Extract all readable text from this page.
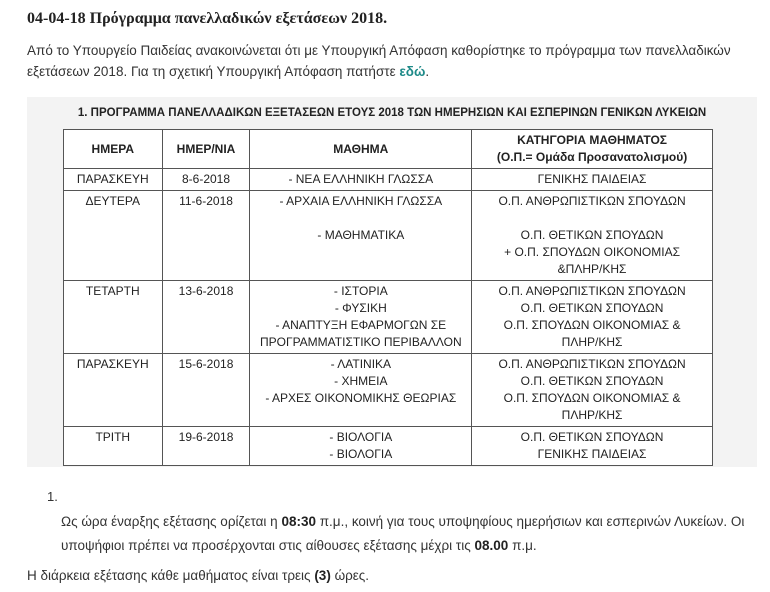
04-04-18 Πρόγραμμα πανελλαδικών εξετάσεων 2018.
Από το Υπουργείο Παιδείας ανακοινώνεται ότι με Υπουργική Απόφαση καθορίστηκε το πρόγραμμα των πανελλαδικών εξετάσεων 2018. Για τη σχετική Υπουργική Απόφαση πατήστε εδώ.
1. ΠΡΟΓΡΑΜΜΑ ΠΑΝΕΛΛΑΔΙΚΩΝ ΕΞΕΤΑΣΕΩΝ ΕΤΟΥΣ 2018 ΤΩΝ ΗΜΕΡΗΣΙΩΝ ΚΑΙ ΕΣΠΕΡΙΝΩΝ ΓΕΝΙΚΩΝ ΛΥΚΕΙΩΝ
ΗΜΕΡΑ	ΗΜΕΡ/ΝΙΑ	ΜΑΘΗΜΑ	ΚΑΤΗΓΟΡΙΑ ΜΑΘΗΜΑΤΟΣ
(Ο.Π.= Ομάδα Προσανατολισμού)

ΠΑΡΑΣΚΕΥΗ	8-6-2018	- ΝΕΑ ΕΛΛΗΝΙΚΗ ΓΛΩΣΣΑ	ΓΕΝΙΚΗΣ ΠΑΙΔΕΙΑΣ

ΔΕΥΤΕΡΑ	11-6-2018	- ΑΡΧΑΙΑ ΕΛΛΗΝΙΚΗ ΓΛΩΣΣΑ
- ΜΑΘΗΜΑΤΙΚΑ	Ο.Π. ΑΝΘΡΩΠΙΣΤΙΚΩΝ ΣΠΟΥΔΩΝ
Ο.Π. ΘΕΤΙΚΩΝ ΣΠΟΥΔΩΝ
+ Ο.Π. ΣΠΟΥΔΩΝ ΟΙΚΟΝΟΜΙΑΣ
&ΠΛΗΡ/ΚΗΣ

ΤΕΤΑΡΤΗ	13-6-2018	- ΙΣΤΟΡΙΑ
- ΦΥΣΙΚΗ
- ΑΝΑΠΤΥΞΗ ΕΦΑΡΜΟΓΩΝ ΣΕ
ΠΡΟΓΡΑΜΜΑΤΙΣΤΙΚΟ ΠΕΡΙΒΑΛΛΟΝ	Ο.Π. ΑΝΘΡΩΠΙΣΤΙΚΩΝ ΣΠΟΥΔΩΝ
Ο.Π. ΘΕΤΙΚΩΝ ΣΠΟΥΔΩΝ
Ο.Π. ΣΠΟΥΔΩΝ ΟΙΚΟΝΟΜΙΑΣ &
ΠΛΗΡ/ΚΗΣ

ΠΑΡΑΣΚΕΥΗ	15-6-2018	- ΛΑΤΙΝΙΚΑ
- ΧΗΜΕΙΑ
- ΑΡΧΕΣ ΟΙΚΟΝΟΜΙΚΗΣ ΘΕΩΡΙΑΣ	Ο.Π. ΑΝΘΡΩΠΙΣΤΙΚΩΝ ΣΠΟΥΔΩΝ
Ο.Π. ΘΕΤΙΚΩΝ ΣΠΟΥΔΩΝ
Ο.Π. ΣΠΟΥΔΩΝ ΟΙΚΟΝΟΜΙΑΣ &
ΠΛΗΡ/ΚΗΣ

ΤΡΙΤΗ	19-6-2018	- ΒΙΟΛΟΓΙΑ
- ΒΙΟΛΟΓΙΑ	Ο.Π. ΘΕΤΙΚΩΝ ΣΠΟΥΔΩΝ
ΓΕΝΙΚΗΣ ΠΑΙΔΕΙΑΣ
1.
Ως ώρα έναρξης εξέτασης ορίζεται η 08:30 π.μ., κοινή για τους υποψηφίους ημερήσιων και εσπερινών Λυκείων. Οι υποψήφιοι πρέπει να προσέρχονται στις αίθουσες εξέτασης μέχρι τις 08.00 π.μ.
Η διάρκεια εξέτασης κάθε μαθήματος είναι τρεις (3) ώρες.
